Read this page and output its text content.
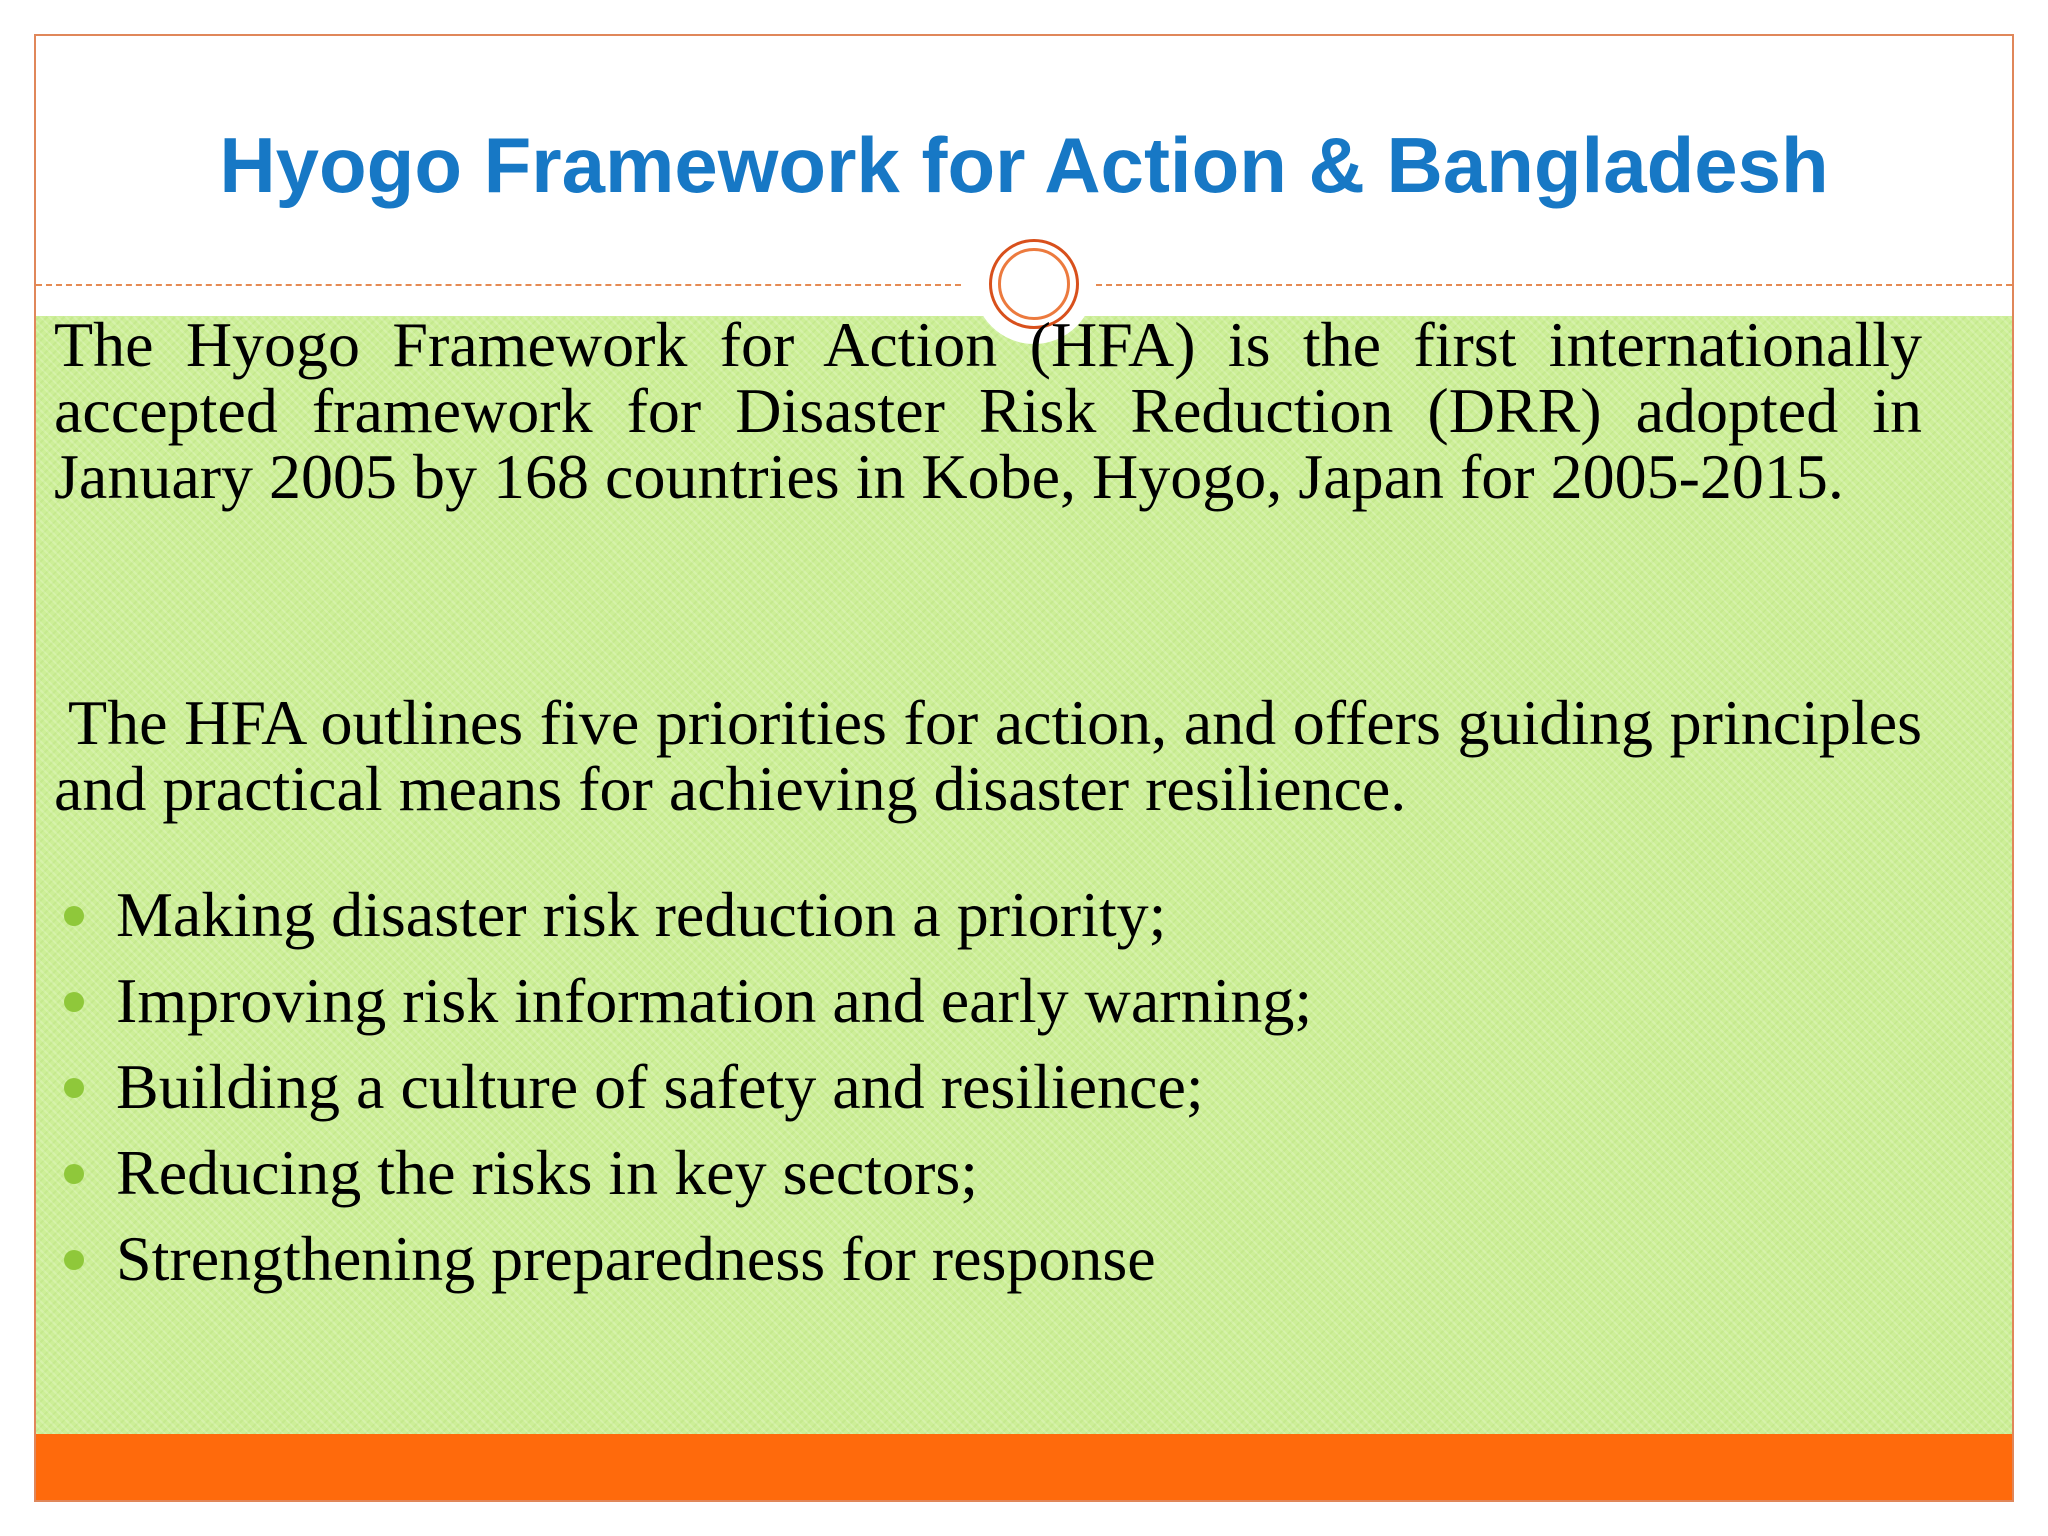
Hyogo Framework for Action & Bangladesh

The Hyogo Framework for Action (HFA) is the first internationally accepted framework for Disaster Risk Reduction (DRR) adopted in January 2005 by 168 countries in Kobe, Hyogo, Japan for 2005-2015.

The HFA outlines five priorities for action, and offers guiding principles and practical means for achieving disaster resilience.

Making disaster risk reduction a priority;
Improving risk information and early warning;
Building a culture of safety and resilience;
Reducing the risks in key sectors;
Strengthening preparedness for response
